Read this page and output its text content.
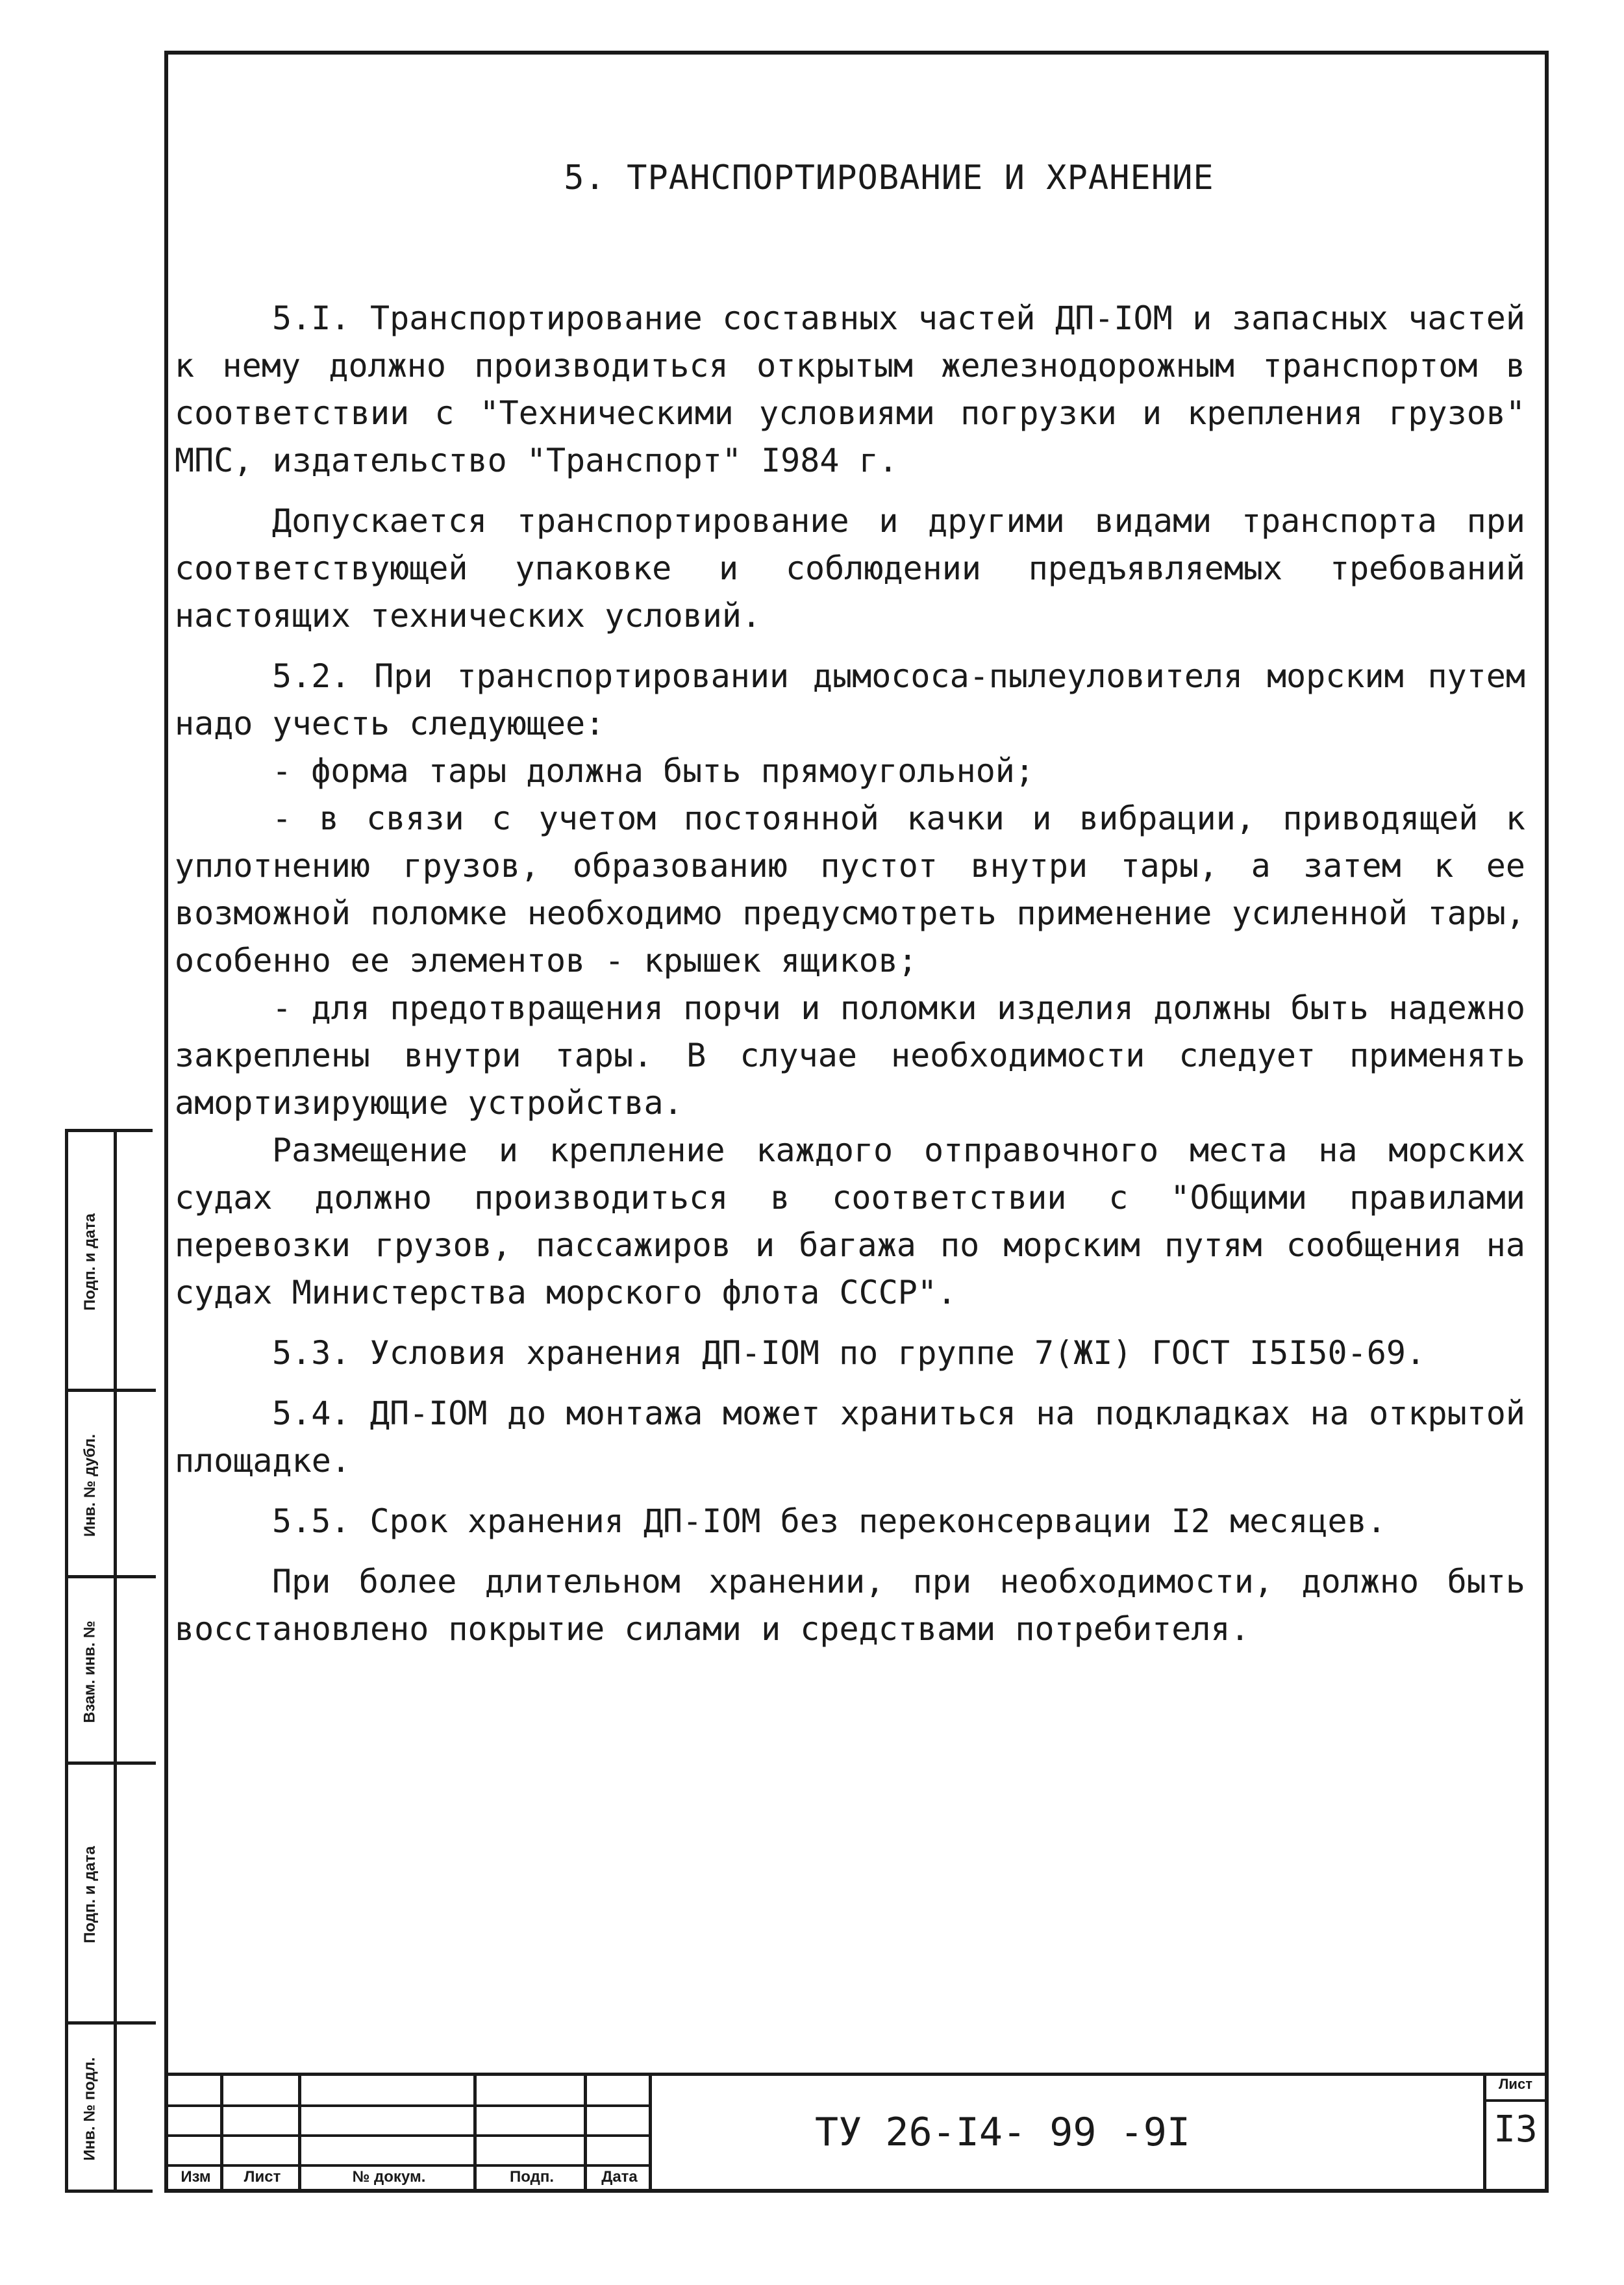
5. ТРАНСПОРТИРОВАНИЕ И ХРАНЕНИЕ

5.I. Транспортирование составных частей ДП-IOM и запасных частей к нему должно производиться открытым железнодорожным транспортом в соответствии с "Техническими условиями погрузки и крепления грузов" МПС, издательство "Транспорт" I984 г.

Допускается транспортирование и другими видами транспорта при соответствующей упаковке и соблюдении предъявляемых требований настоящих технических условий.

5.2. При транспортировании дымососа-пылеуловителя морским путем надо учесть следующее:

- форма тары должна быть прямоугольной;

- в связи с учетом постоянной качки и вибрации, приводящей к уплотнению грузов, образованию пустот внутри тары, а затем к ее возможной поломке необходимо предусмотреть применение усиленной тары, особенно ее элементов - крышек ящиков;

- для предотвращения порчи и поломки изделия должны быть надежно закреплены внутри тары. В случае необходимости следует применять амортизирующие устройства.

Размещение и крепление каждого отправочного места на морских судах должно производиться в соответствии с "Общими правилами перевозки грузов, пассажиров и багажа по морским путям сообщения на судах Министерства морского флота СССР".

5.3. Условия хранения ДП-IOM по группе 7(ЖI) ГОСТ I5I50-69.

5.4. ДП-IOM до монтажа может храниться на подкладках на открытой площадке.

5.5. Срок хранения ДП-IOM без переконсервации I2 месяцев.

При более длительном хранении, при необходимости, должно быть восстановлено покрытие силами и средствами потребителя.

Изм	Лист	№ докум.	Подп.	Дата
ТУ 26-I4- 99 -9I
Лист
I3
Подп. и дата
Инв. № дубл.
Взам. инв. №
Подп. и дата
Инв. № подл.
